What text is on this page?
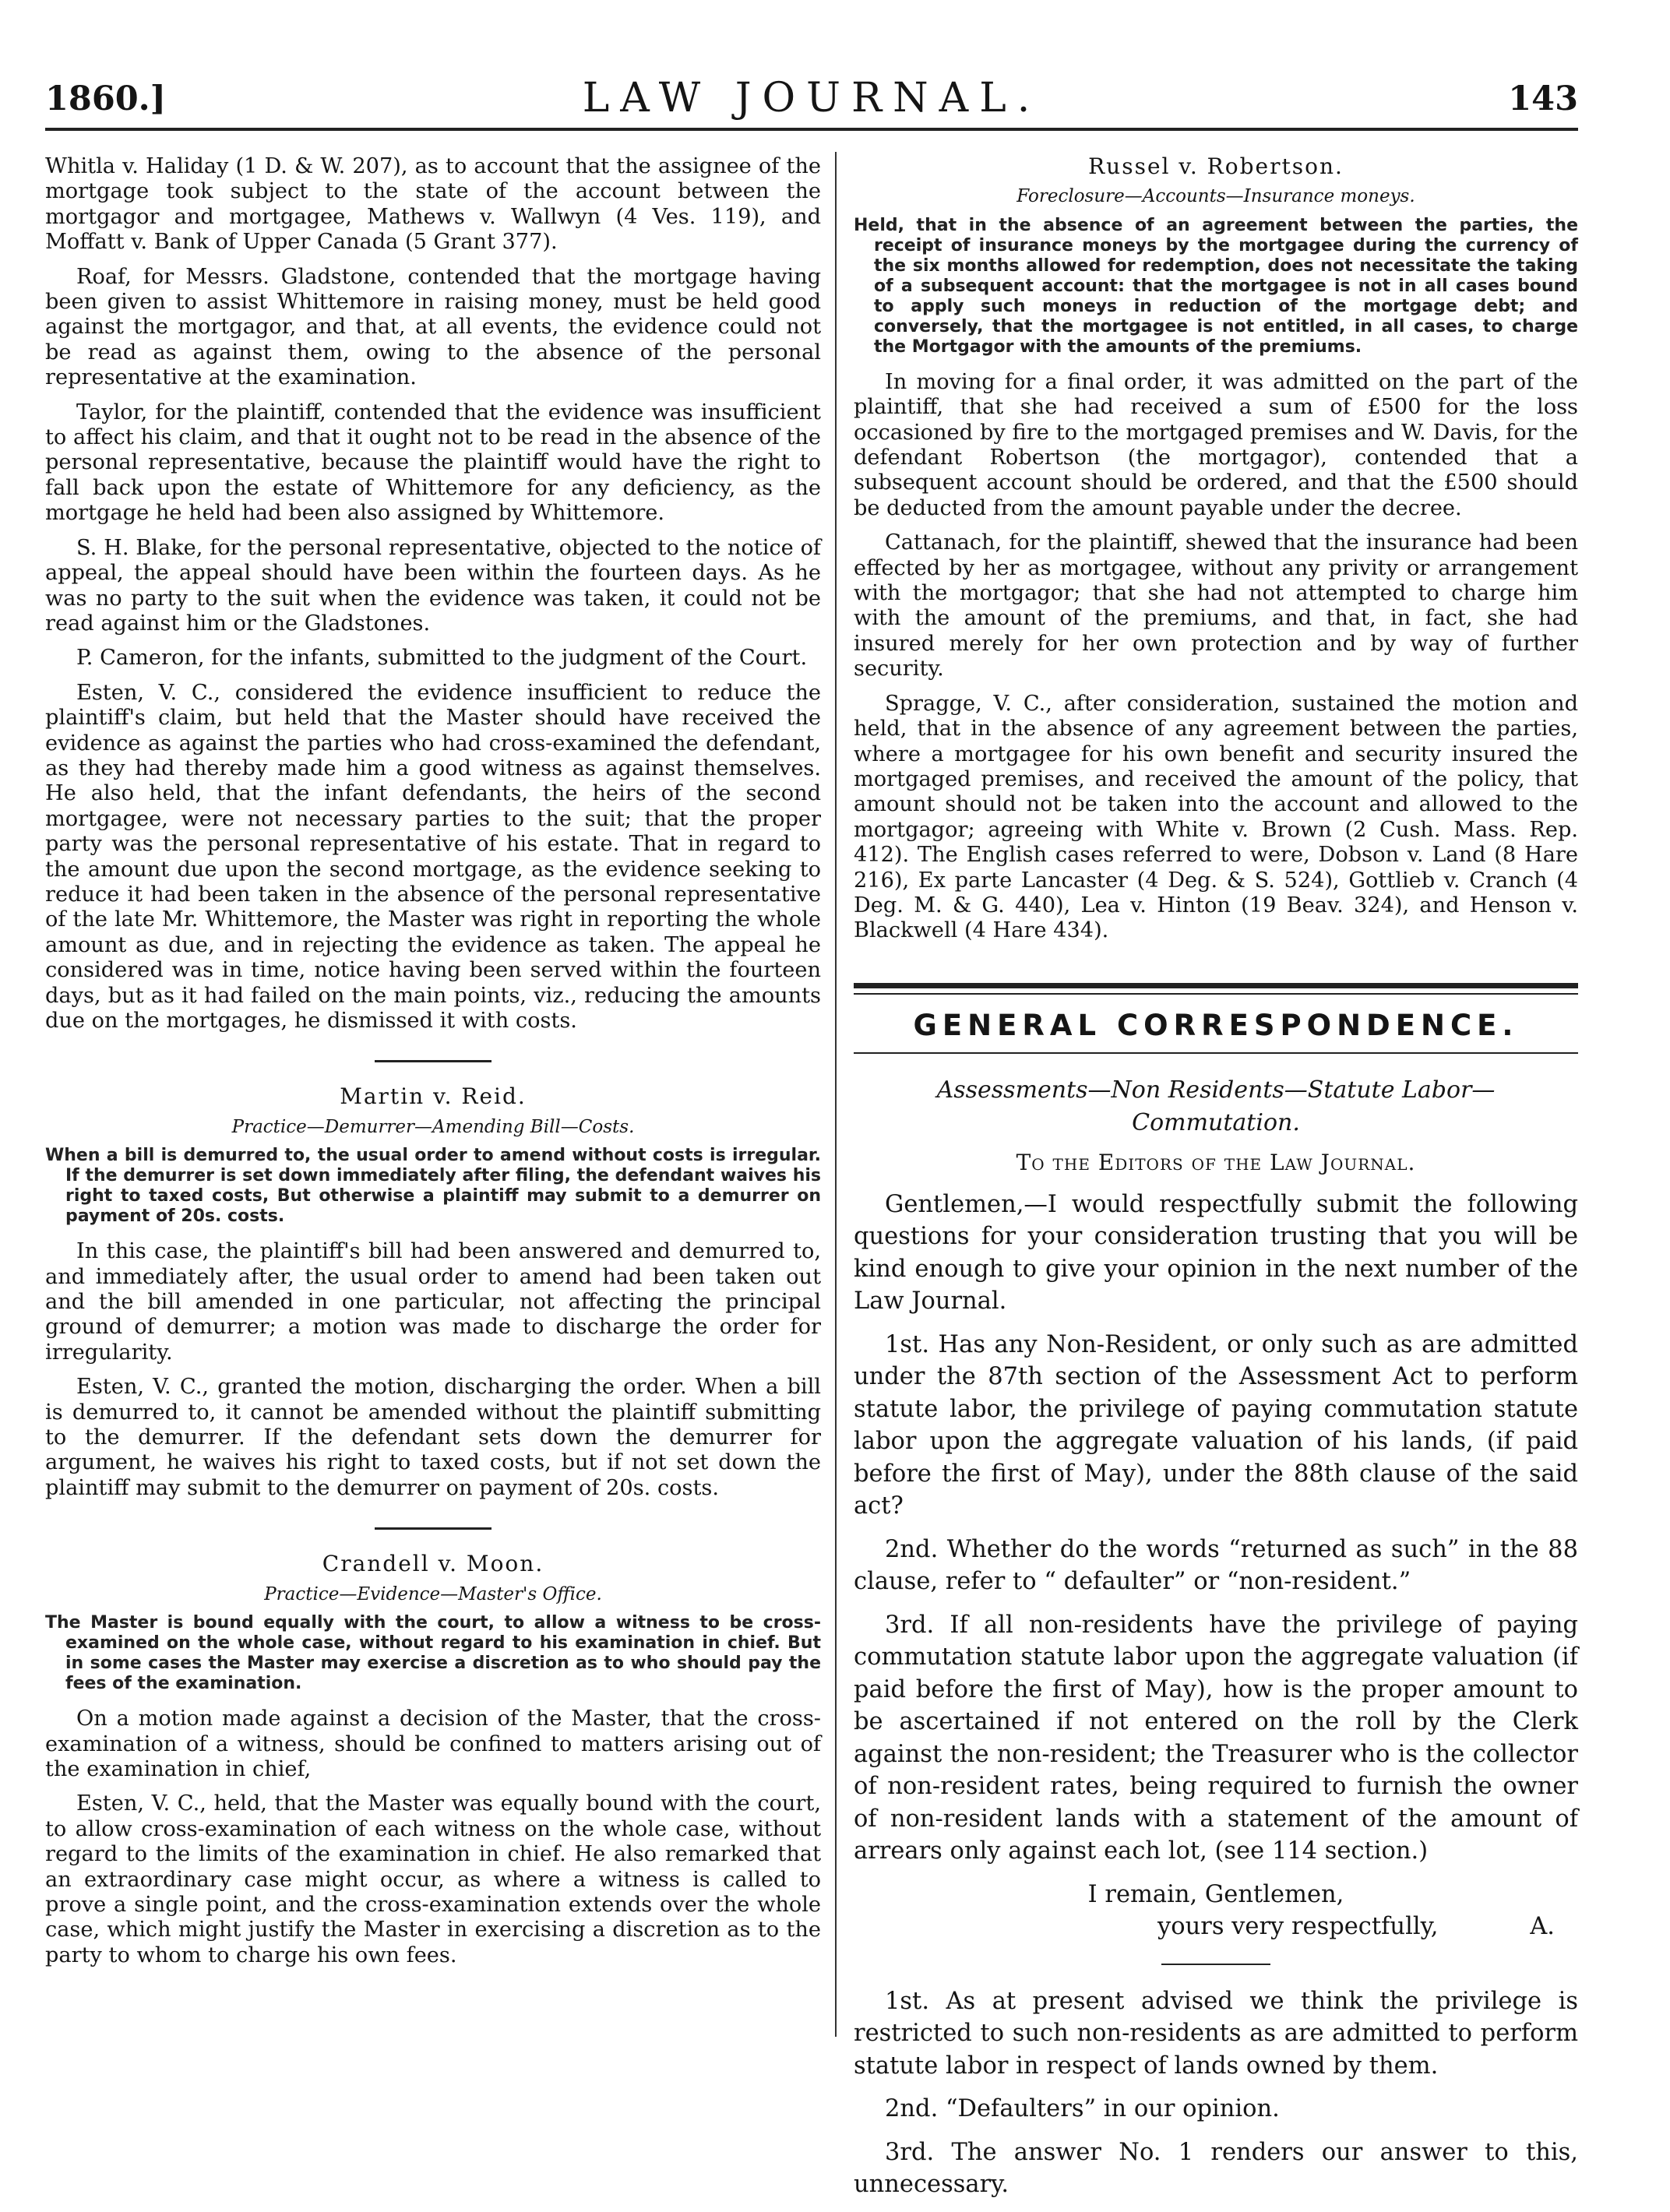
1860.]	LAW JOURNAL.	143

Whitla v. Haliday (1 D. & W. 207), as to account that the assignee of the mortgage took subject to the state of the account between the mortgagor and mortgagee, Mathews v. Wallwyn (4 Ves. 119), and Moffatt v. Bank of Upper Canada (5 Grant 377).

Roaf, for Messrs. Gladstone, contended that the mortgage having been given to assist Whittemore in raising money, must be held good against the mortgagor, and that, at all events, the evidence could not be read as against them, owing to the absence of the personal representative at the examination.

Taylor, for the plaintiff, contended that the evidence was insufficient to affect his claim, and that it ought not to be read in the absence of the personal representative, because the plaintiff would have the right to fall back upon the estate of Whittemore for any deficiency, as the mortgage he held had been also assigned by Whittemore.

S. H. Blake, for the personal representative, objected to the notice of appeal, the appeal should have been within the fourteen days. As he was no party to the suit when the evidence was taken, it could not be read against him or the Gladstones.

P. Cameron, for the infants, submitted to the judgment of the Court.

Esten, V. C., considered the evidence insufficient to reduce the plaintiff's claim, but held that the Master should have received the evidence as against the parties who had cross-examined the defendant, as they had thereby made him a good witness as against themselves. He also held, that the infant defendants, the heirs of the second mortgagee, were not necessary parties to the suit; that the proper party was the personal representative of his estate. That in regard to the amount due upon the second mortgage, as the evidence seeking to reduce it had been taken in the absence of the personal representative of the late Mr. Whittemore, the Master was right in reporting the whole amount as due, and in rejecting the evidence as taken. The appeal he considered was in time, notice having been served within the fourteen days, but as it had failed on the main points, viz., reducing the amounts due on the mortgages, he dismissed it with costs.

Martin v. Reid.
Practice—Demurrer—Amending Bill—Costs.

When a bill is demurred to, the usual order to amend without costs is irregular. If the demurrer is set down immediately after filing, the defendant waives his right to taxed costs, But otherwise a plaintiff may submit to a demurrer on payment of 20s. costs.

In this case, the plaintiff's bill had been answered and demurred to, and immediately after, the usual order to amend had been taken out and the bill amended in one particular, not affecting the principal ground of demurrer; a motion was made to discharge the order for irregularity.

Esten, V. C., granted the motion, discharging the order. When a bill is demurred to, it cannot be amended without the plaintiff submitting to the demurrer. If the defendant sets down the demurrer for argument, he waives his right to taxed costs, but if not set down the plaintiff may submit to the demurrer on payment of 20s. costs.

Crandell v. Moon.
Practice—Evidence—Master's Office.

The Master is bound equally with the court, to allow a witness to be cross-examined on the whole case, without regard to his examination in chief. But in some cases the Master may exercise a discretion as to who should pay the fees of the examination.

On a motion made against a decision of the Master, that the cross-examination of a witness, should be confined to matters arising out of the examination in chief,

Esten, V. C., held, that the Master was equally bound with the court, to allow cross-examination of each witness on the whole case, without regard to the limits of the examination in chief. He also remarked that an extraordinary case might occur, as where a witness is called to prove a single point, and the cross-examination extends over the whole case, which might justify the Master in exercising a discretion as to the party to whom to charge his own fees.

Russel v. Robertson.
Foreclosure—Accounts—Insurance moneys.

Held, that in the absence of an agreement between the parties, the receipt of insurance moneys by the mortgagee during the currency of the six months allowed for redemption, does not necessitate the taking of a subsequent account: that the mortgagee is not in all cases bound to apply such moneys in reduction of the mortgage debt; and conversely, that the mortgagee is not entitled, in all cases, to charge the Mortgagor with the amounts of the premiums.

In moving for a final order, it was admitted on the part of the plaintiff, that she had received a sum of £500 for the loss occasioned by fire to the mortgaged premises and W. Davis, for the defendant Robertson (the mortgagor), contended that a subsequent account should be ordered, and that the £500 should be deducted from the amount payable under the decree.

Cattanach, for the plaintiff, shewed that the insurance had been effected by her as mortgagee, without any privity or arrangement with the mortgagor; that she had not attempted to charge him with the amount of the premiums, and that, in fact, she had insured merely for her own protection and by way of further security.

Spragge, V. C., after consideration, sustained the motion and held, that in the absence of any agreement between the parties, where a mortgagee for his own benefit and security insured the mortgaged premises, and received the amount of the policy, that amount should not be taken into the account and allowed to the mortgagor; agreeing with White v. Brown (2 Cush. Mass. Rep. 412). The English cases referred to were, Dobson v. Land (8 Hare 216), Ex parte Lancaster (4 Deg. & S. 524), Gottlieb v. Cranch (4 Deg. M. & G. 440), Lea v. Hinton (19 Beav. 324), and Henson v. Blackwell (4 Hare 434).

GENERAL CORRESPONDENCE.
Assessments—Non Residents—Statute Labor—Commutation.
To the Editors of the Law Journal.

Gentlemen,—I would respectfully submit the following questions for your consideration trusting that you will be kind enough to give your opinion in the next number of the Law Journal.

1st. Has any Non-Resident, or only such as are admitted under the 87th section of the Assessment Act to perform statute labor, the privilege of paying commutation statute labor upon the aggregate valuation of his lands, (if paid before the first of May), under the 88th clause of the said act?

2nd. Whether do the words “returned as such” in the 88 clause, refer to “ defaulter” or “non-resident.”

3rd. If all non-residents have the privilege of paying commutation statute labor upon the aggregate valuation (if paid before the first of May), how is the proper amount to be ascertained if not entered on the roll by the Clerk against the non-resident; the Treasurer who is the collector of non-resident rates, being required to furnish the owner of non-resident lands with a statement of the amount of arrears only against each lot, (see 114 section.)

I remain, Gentlemen,

yours very respectfully,	A.

1st. As at present advised we think the privilege is restricted to such non-residents as are admitted to perform statute labor in respect of lands owned by them.

2nd. “Defaulters” in our opinion.

3rd. The answer No. 1 renders our answer to this, unnecessary.
